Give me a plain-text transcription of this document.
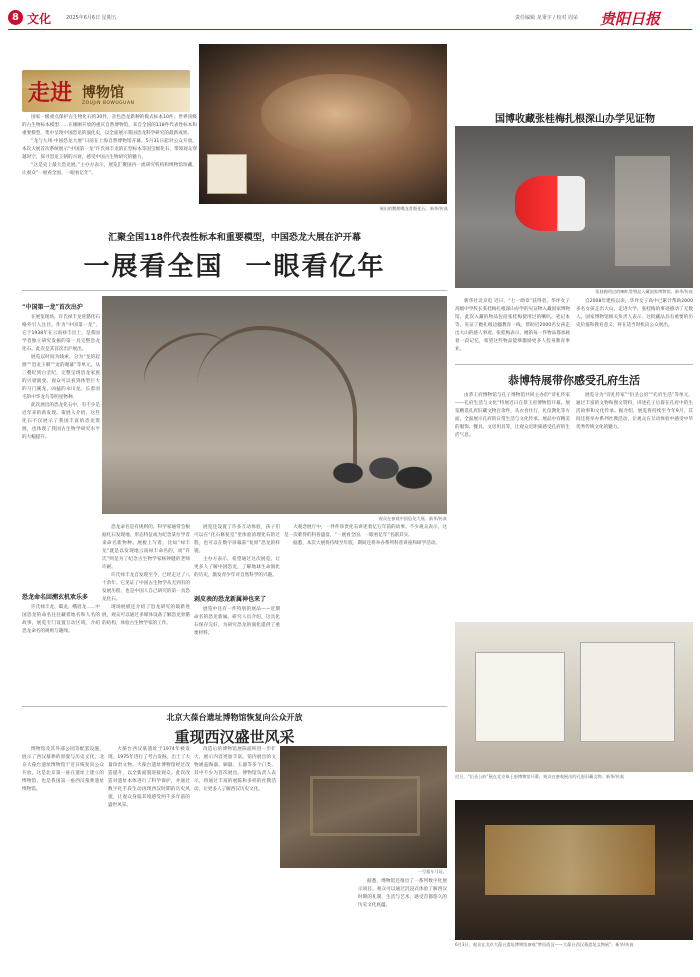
8 文化	2025年6月6日 星期五	责任编辑 龙秉宇 / 校对 周荣 贵阳日报
走进 博物馆
ZOUJIN BOWUGUAN

国家一级重点保护古生物化石约30件，杂色恐龙新种的模式标本10件，世界顶级的古生物标本模型……在刚刚开放的重庆自然博物馆，来自全国的118件代表性标本和重要模型，集中呈现中国恐龙的演化史，以全面展示我国恐龙科学研究的最新成果。

“龙与九州·中国恐龙大展”日前在上海自然博物馆开幕，5月31日起对公众开放。本次大展首次系统展示“中国第一龙”许氏禄丰龙的正型标本等国宝级化石，带领观众穿越时空，探寻恐龙王朝的兴衰，感受中国古生物研究的魅力。

“这是史上最大恐龙展。”主办方表示，展览汇聚国内一流研究机构和博物馆珍藏，让观众“一展看全国、一眼看亿年”。

展出的鹦鹉嘴龙骨骼化石。新华/传真
汇聚全国118件代表性标本和重要模型，中国恐龙大展在沪开幕
一展看全国  一眼看亿年
“中国第一龙”首次出沪

在展览现场，许氏禄丰龙骨骼化石格外引人注目。作为“中国第一龙”，它于1938年在云南禄丰出土，是我国学者独立研究发掘的第一具完整恐龙化石。此次是其首次出沪展出。

展览以时间为线索，分为“龙的起源”“恐龙王朝”“龙的谢幕”等单元，从三叠纪到白垩纪，完整呈现恐龙家族的兴衰演变。观众可以看到体型巨大的马门溪龙、凶猛的永川龙、长着羽毛的中华龙鸟等明星物种。

此次展出的恐龙化石中，有不少是近年来的新发现。策展人介绍，这些化石不仅展示了我国丰富的恐龙资源，也体现了我国古生物学研究水平的大幅提升。

恐龙命名回溯玄机欢乐多
许氏禄丰龙、蜀龙、峨眉龙……中国恐龙的命名往往藏着地名和人名的故事。展览专门设置互动区域，介绍恐龙命名的规则与趣闻。
观众在参观中国恐龙大展。新华/传真

恐龙命名是有规则的。科学家通常会根据化石发现地、形态特征或为纪念某位学者来命名新物种。展板上写着，比如“禄丰龙”就是以发现地云南禄丰命名的，而“许氏”则是为了纪念古生物学家杨钟健的老师许耐。

许氏禄丰龙自发现至今，已经走过了八十余年。它见证了中国古生物学从无到有的发展历程，也是中国人自己研究的第一具恐龙化石。

现场展板还介绍了恐龙研究的最新进展，观众可以通过多媒体设备了解恐龙骨骼的结构，体验古生物学家的工作。

展览还设置了许多互动体验，孩子们可以在“化石修复室”里体验清理化石的过程，也可以在数字屏幕前“复原”恐龙的样貌。

主办方表示，希望通过这次展览，让更多人了解中国恐龙，了解地球生命演化的历史，激发青少年对自然科学的兴趣。

剥皮表的恐龙新属神也来了
展览中还有一件特别的展品——近期命名的恐龙新属。研究人员介绍，这具化石保存完好，为研究恐龙的演化提供了重要材料。

大观念展厅中，一件件珍贵化石讲述着亿万年前的故事。不少观众表示，这是一次难得的科普盛宴，“一展看全国、一眼看亿年”名副其实。

据悉，本次大展将持续至年底，期间还将举办系列科普讲座和研学活动。

国博收藏张桂梅扎根深山办学见证物
张桂梅用过的喇叭等物品入藏国家博物馆。新华/传真
新华社北京电 近日，“七一勋章”获得者、华坪女子高级中学校长张桂梅扎根深山办学的见证物入藏国家博物馆。此次入藏的物品包括张桂梅使用过的喇叭、笔记本等，见证了她扎根边疆教育一线、帮助近2000名女孩走出大山的感人事迹。张桂梅表示，她的每一件物品都承载着一段记忆，希望这些物品能够激励更多人投身教育事业。
自2008年建校以来，华坪女子高中已累计帮助2000多名女孩走出大山，走进大学。张桂梅的事迹感动了无数人。国家博物馆相关负责人表示，这批藏品具有重要的历史价值和教育意义，将在适当时机向公众展出。
恭博特展带你感受孔府生活
由恭王府博物馆与孔子博物馆共同主办的“诗礼传家——孔府生活与文化”特展近日在恭王府博物馆开幕。展览精选孔府旧藏文物百余件，从衣食住行、礼仪教化等方面，全面展示孔府的日常生活与文化传承。展品中有精美的服饰、餐具、文房用具等，让观众近距离感受孔府的生活气息。
展览分为“诗礼传家”“衍圣公府”“孔府生活”等单元，通过丰富的文物和图文资料，讲述孔子后裔在孔府中的生活故事和文化传承。据介绍，展览将持续至今年9月，其间还将举办系列社教活动，让观众在互动体验中感受中华优秀传统文化的魅力。
近日，“衍圣公府”展在北京恭王府博物馆开幕，观众在参观展出的孔府旧藏文物。新华/传真
北京大葆台遗址博物馆恢复向公众开放
重现西汉盛世风采
博物馆及其外部公园等配套设施，展示了西汉墓葬的原貌与历史文化。北京大葆台遗址博物馆于近日恢复向公众开放，这是北京第一座在遗址上建立的博物馆，也是我国第一座西汉墓葬遗址博物馆。
大葆台西汉墓遗址于1974年被发现，1975年进行了考古发掘，出土了大量珍贵文物。大葆台遗址博物馆经过改造提升，以全新面貌迎接观众。此次改造对遗址本体进行了科学保护，并通过数字化手段生动再现西汉时期的历史风貌，让观众身临其境感受两千多年前的盛世风采。
改造后的博物馆展陈面积进一步扩大，展示内容更加丰富。馆内展出的文物涵盖陶器、铜器、玉器等多个门类，其中不少为首次展出。博物馆负责人表示，将通过丰富的展陈和多样的社教活动，让更多人了解西汉历史文化。
一号墓车马坑。
据悉，博物馆还推出了一系列数字化展示项目，观众可以通过沉浸式体验了解西汉时期的礼制、生活与艺术，感受首都悠久的历史文化底蕴。
6月3日，观众在北京大葆台遗址博物馆参观“梦回西汉——大葆台西汉墓遗址文物展”。新华/传真
